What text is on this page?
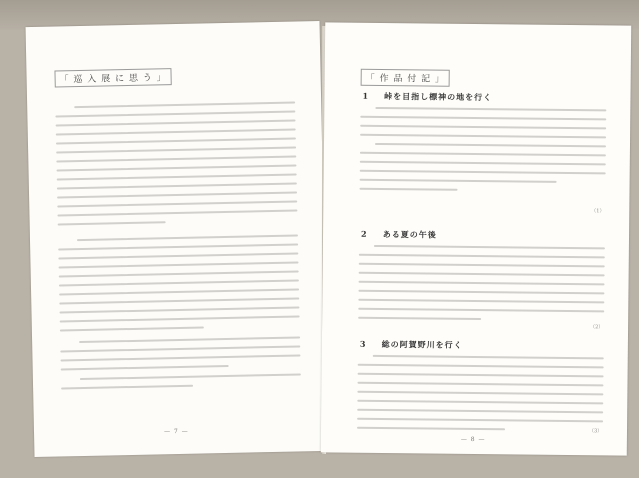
「 巡 入 展 に 思 う 」
— 7 —
「 作 品 付 記 」
1 峠を目指し標神の地を行く
（1）
2 ある夏の午後
（2）
3 総の阿賀野川を行く
（3）
— 8 —
